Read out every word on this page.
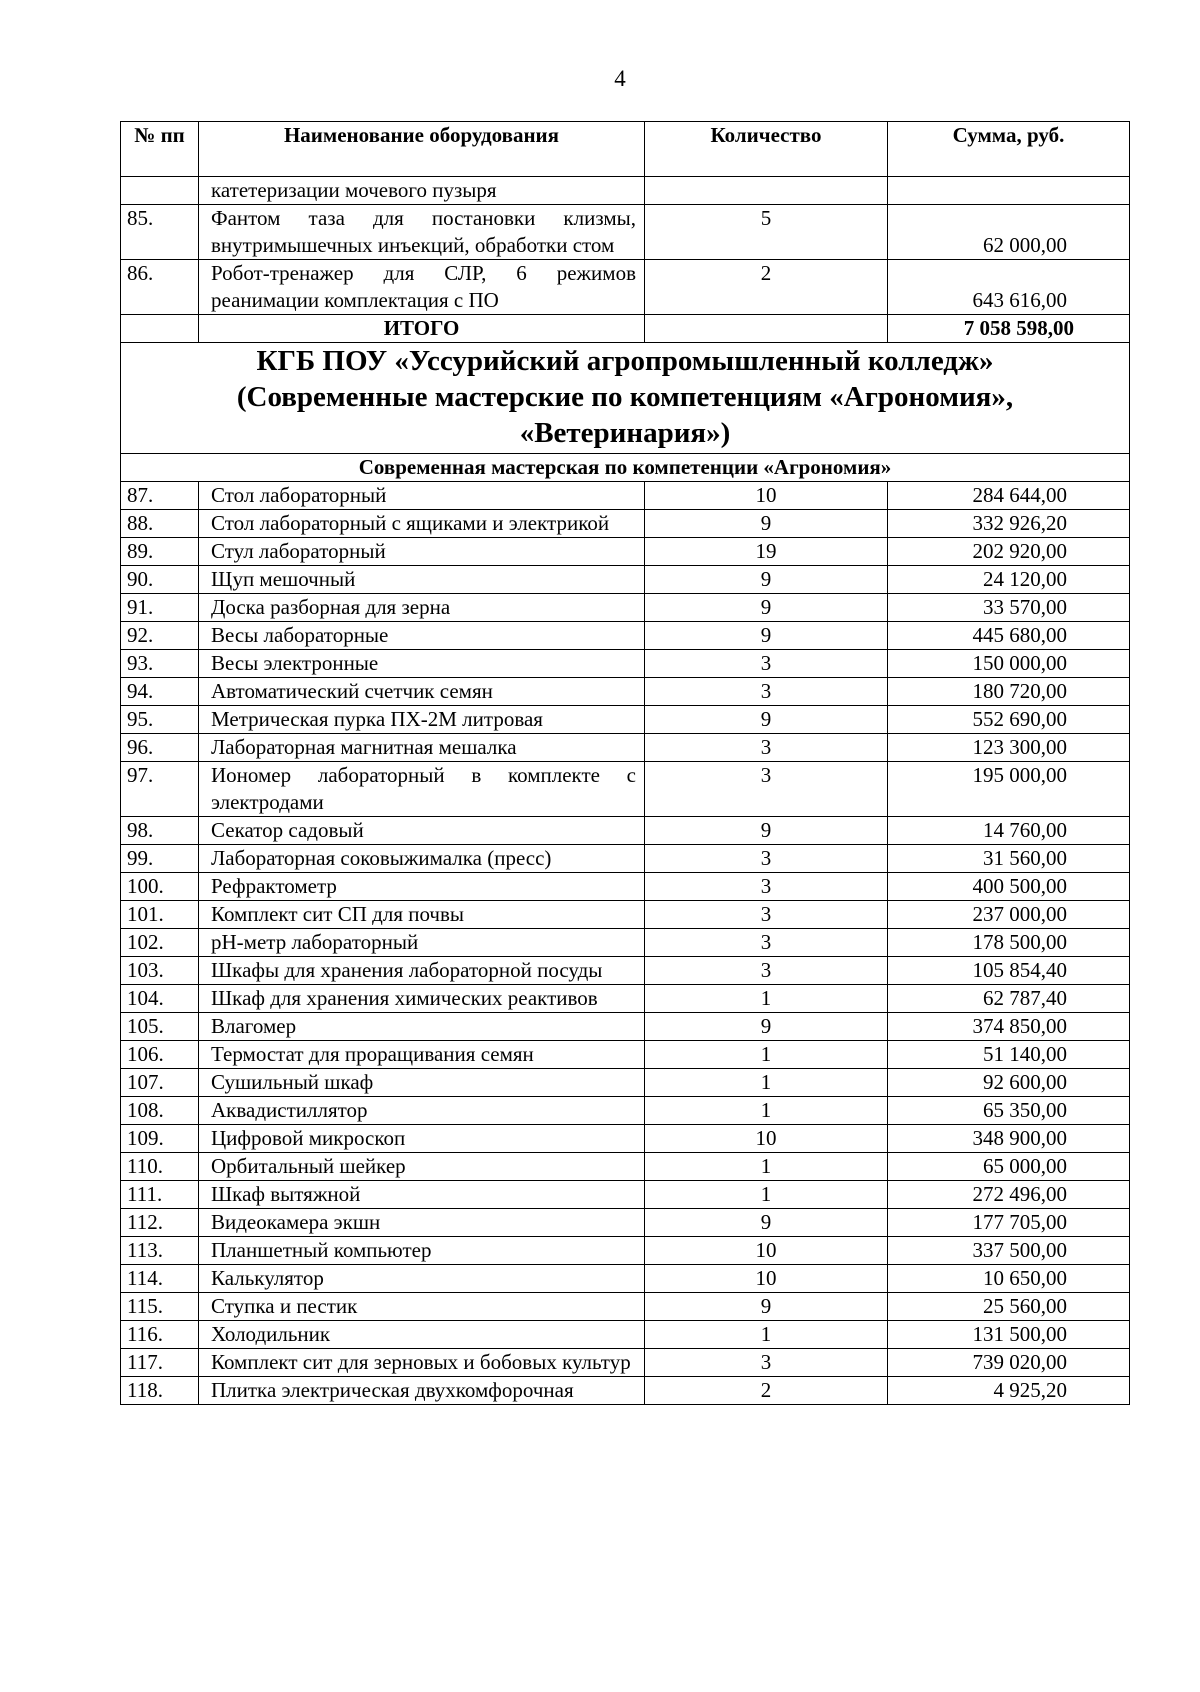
4
№ пп	Наименование оборудования	Количество	Сумма, руб.
	катетеризации мочевого пузыря		
85.	Фантом таза для постановки клизмы, внутримышечных инъекций, обработки стом	5	62 000,00
86.	Робот-тренажер для СЛР, 6 режимов реанимации комплектация с ПО	2	643 616,00
	ИТОГО		7 058 598,00

КГБ ПОУ «Уссурийский агропромышленный колледж»
(Современные мастерские по компетенциям «Агрономия»,
«Ветеринария»)			

Современная мастерская по компетенции «Агрономия»			
87.	Стол лабораторный	10	284 644,00
88.	Стол лабораторный с ящиками и электрикой	9	332 926,20
89.	Стул лабораторный	19	202 920,00
90.	Щуп мешочный	9	24 120,00
91.	Доска разборная для зерна	9	33 570,00
92.	Весы лабораторные	9	445 680,00
93.	Весы электронные	3	150 000,00
94.	Автоматический счетчик семян	3	180 720,00
95.	Метрическая пурка ПХ-2М литровая	9	552 690,00
96.	Лабораторная магнитная мешалка	3	123 300,00
97.	Иономер лабораторный в комплекте с электродами	3	195 000,00
98.	Секатор садовый	9	14 760,00
99.	Лабораторная соковыжималка (пресс)	3	31 560,00
100.	Рефрактометр	3	400 500,00
101.	Комплект сит СП для почвы	3	237 000,00
102.	pH-метр лабораторный	3	178 500,00
103.	Шкафы для хранения лабораторной посуды	3	105 854,40
104.	Шкаф для хранения химических реактивов	1	62 787,40
105.	Влагомер	9	374 850,00
106.	Термостат для проращивания семян	1	51 140,00
107.	Сушильный шкаф	1	92 600,00
108.	Аквадистиллятор	1	65 350,00
109.	Цифровой микроскоп	10	348 900,00
110.	Орбитальный шейкер	1	65 000,00
111.	Шкаф вытяжной	1	272 496,00
112.	Видеокамера экшн	9	177 705,00
113.	Планшетный компьютер	10	337 500,00
114.	Калькулятор	10	10 650,00
115.	Ступка и пестик	9	25 560,00
116.	Холодильник	1	131 500,00
117.	Комплект сит для зерновых и бобовых культур	3	739 020,00
118.	Плитка электрическая двухкомфорочная	2	4 925,20
